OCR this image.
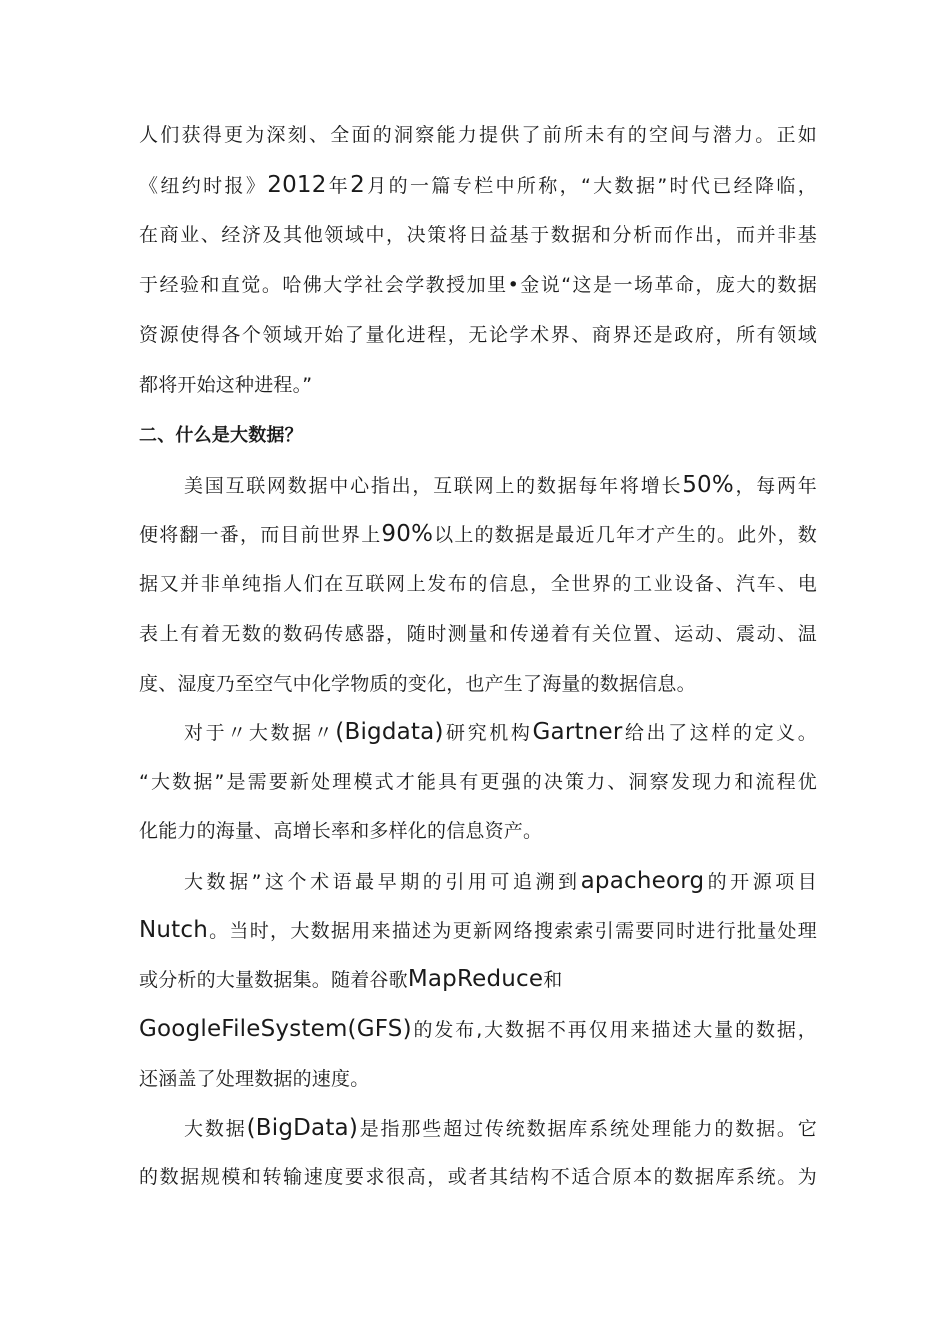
人们获得更为深刻、全面的洞察能力提供了前所未有的空间与潜力。正如
《纽约时报》2012年2月的一篇专栏中所称，“大数据”时代已经降临，
在商业、经济及其他领域中，决策将日益基于数据和分析而作出，而并非基
于经验和直觉。哈佛大学社会学教授加里•金说“这是一场革命，庞大的数据
资源使得各个领域开始了量化进程，无论学术界、商界还是政府，所有领域
都将开始这种进程。”
二、什么是大数据？
美国互联网数据中心指出，互联网上的数据每年将增长50%，每两年
便将翻一番，而目前世界上90%以上的数据是最近几年才产生的。此外，数
据又并非单纯指人们在互联网上发布的信息，全世界的工业设备、汽车、电
表上有着无数的数码传感器，随时测量和传递着有关位置、运动、震动、温
度、湿度乃至空气中化学物质的变化，也产生了海量的数据信息。
对于〃大数据〃(Bigdata)研究机构Gartner给出了这样的定义。
“大数据”是需要新处理模式才能具有更强的决策力、洞察发现力和流程优
化能力的海量、高增长率和多样化的信息资产。
大数据”这个术语最早期的引用可追溯到apacheorg的开源项目
Nutch。当时，大数据用来描述为更新网络搜索索引需要同时进行批量处理
或分析的大量数据集。随着谷歌MapReduce和
GoogleFileSystem(GFS)的发布,大数据不再仅用来描述大量的数据，
还涵盖了处理数据的速度。
大数据(BigData)是指那些超过传统数据库系统处理能力的数据。它
的数据规模和转输速度要求很高，或者其结构不适合原本的数据库系统。为
